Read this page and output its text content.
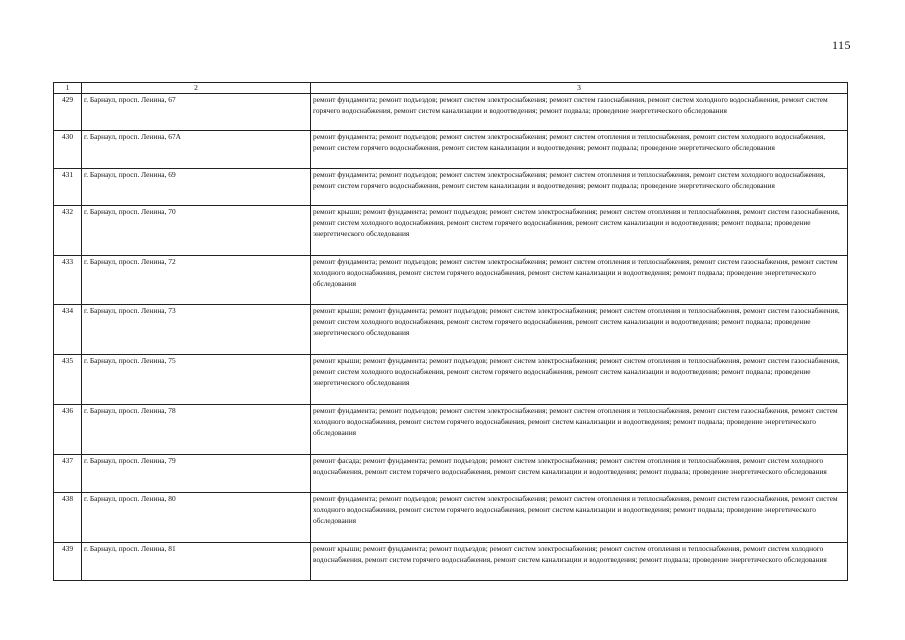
115
1	2	3
429	г. Барнаул, просп. Ленина, 67	ремонт фундамента; ремонт подъездов; ремонт систем электроснабжения; ремонт систем газоснабжения, ремонт систем холодного водоснабжения, ремонт систем горячего водоснабжения, ремонт систем канализации и водоотведения; ремонт подвала; проведение энергетического обследования
430	г. Барнаул, просп. Ленина, 67А	ремонт фундамента; ремонт подъездов; ремонт систем электроснабжения; ремонт систем отопления и теплоснабжения, ремонт систем холодного водоснабжения, ремонт систем горячего водоснабжения, ремонт систем канализации и водоотведения; ремонт подвала; проведение энергетического обследования
431	г. Барнаул, просп. Ленина, 69	ремонт фундамента; ремонт подъездов; ремонт систем электроснабжения; ремонт систем отопления и теплоснабжения, ремонт систем холодного водоснабжения, ремонт систем горячего водоснабжения, ремонт систем канализации и водоотведения; ремонт подвала; проведение энергетического обследования
432	г. Барнаул, просп. Ленина, 70	ремонт крыши; ремонт фундамента; ремонт подъездов; ремонт систем электроснабжения; ремонт систем отопления и теплоснабжения, ремонт систем газоснабжения, ремонт систем холодного водоснабжения, ремонт систем горячего водоснабжения, ремонт систем канализации и водоотведения; ремонт подвала; проведение энергетического обследования
433	г. Барнаул, просп. Ленина, 72	ремонт фундамента; ремонт подъездов; ремонт систем электроснабжения; ремонт систем отопления и теплоснабжения, ремонт систем газоснабжения, ремонт систем холодного водоснабжения, ремонт систем горячего водоснабжения, ремонт систем канализации и водоотведения; ремонт подвала; проведение энергетического обследования
434	г. Барнаул, просп. Ленина, 73	ремонт крыши; ремонт фундамента; ремонт подъездов; ремонт систем электроснабжения; ремонт систем отопления и теплоснабжения, ремонт систем газоснабжения, ремонт систем холодного водоснабжения, ремонт систем горячего водоснабжения, ремонт систем канализации и водоотведения; ремонт подвала; проведение энергетического обследования
435	г. Барнаул, просп. Ленина, 75	ремонт крыши; ремонт фундамента; ремонт подъездов; ремонт систем электроснабжения; ремонт систем отопления и теплоснабжения, ремонт систем газоснабжения, ремонт систем холодного водоснабжения, ремонт систем горячего водоснабжения, ремонт систем канализации и водоотведения; ремонт подвала; проведение энергетического обследования
436	г. Барнаул, просп. Ленина, 78	ремонт фундамента; ремонт подъездов; ремонт систем электроснабжения; ремонт систем отопления и теплоснабжения, ремонт систем газоснабжения, ремонт систем холодного водоснабжения, ремонт систем горячего водоснабжения, ремонт систем канализации и водоотведения; ремонт подвала; проведение энергетического обследования
437	г. Барнаул, просп. Ленина, 79	ремонт фасада; ремонт фундамента; ремонт подъездов; ремонт систем электроснабжения; ремонт систем отопления и теплоснабжения, ремонт систем холодного водоснабжения, ремонт систем горячего водоснабжения, ремонт систем канализации и водоотведения; ремонт подвала; проведение энергетического обследования
438	г. Барнаул, просп. Ленина, 80	ремонт фундамента; ремонт подъездов; ремонт систем электроснабжения; ремонт систем отопления и теплоснабжения, ремонт систем газоснабжения, ремонт систем холодного водоснабжения, ремонт систем горячего водоснабжения, ремонт систем канализации и водоотведения; ремонт подвала; проведение энергетического обследования
439	г. Барнаул, просп. Ленина, 81	ремонт крыши; ремонт фундамента; ремонт подъездов; ремонт систем электроснабжения; ремонт систем отопления и теплоснабжения, ремонт систем холодного водоснабжения, ремонт систем горячего водоснабжения, ремонт систем канализации и водоотведения; ремонт подвала; проведение энергетического обследования
